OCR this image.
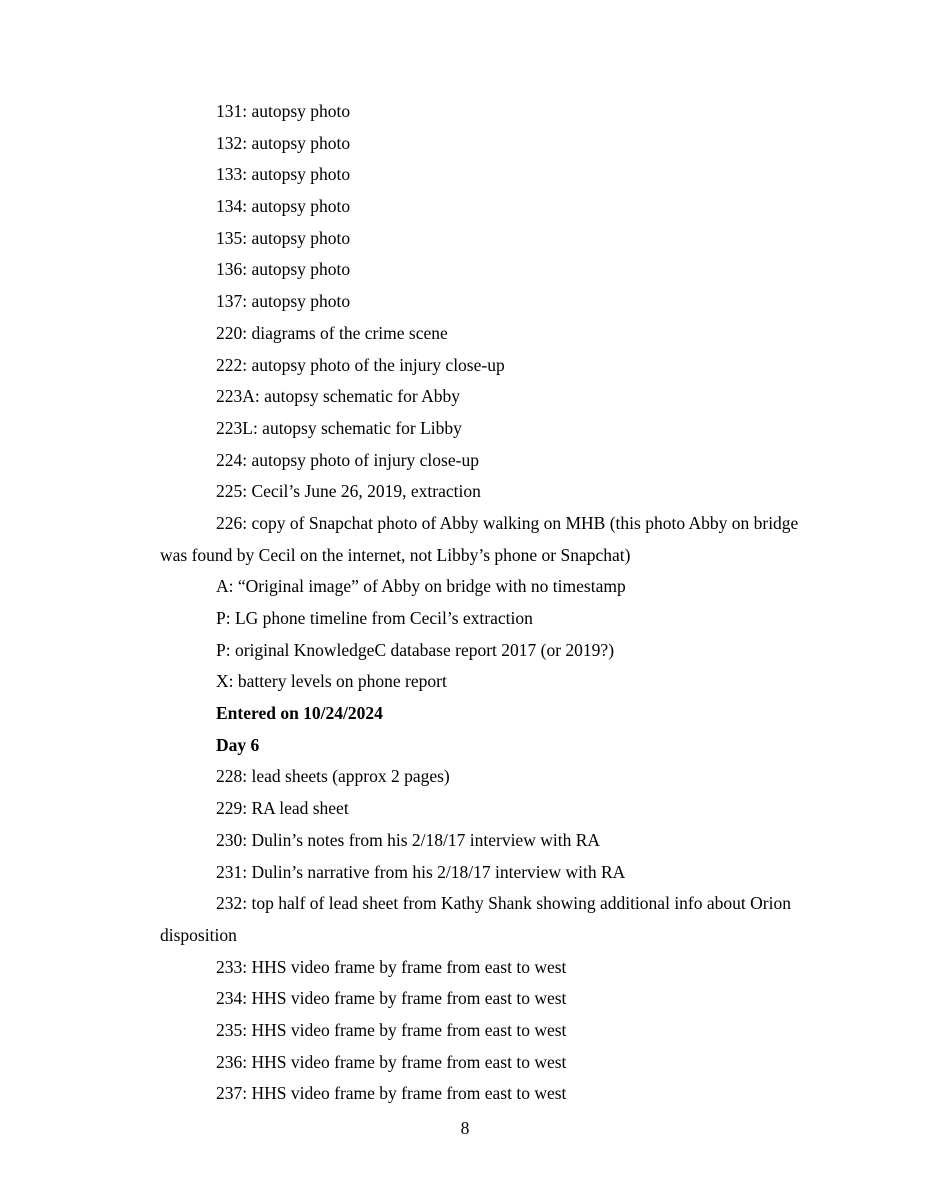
131: autopsy photo
132: autopsy photo
133: autopsy photo
134: autopsy photo
135: autopsy photo
136: autopsy photo
137: autopsy photo
220: diagrams of the crime scene
222: autopsy photo of the injury close-up
223A: autopsy schematic for Abby
223L: autopsy schematic for Libby
224: autopsy photo of injury close-up
225: Cecil’s June 26, 2019, extraction
226: copy of Snapchat photo of Abby walking on MHB (this photo Abby on bridge
was found by Cecil on the internet, not Libby’s phone or Snapchat)
A: “Original image” of Abby on bridge with no timestamp
P: LG phone timeline from Cecil’s extraction
P: original KnowledgeC database report 2017 (or 2019?)
X: battery levels on phone report
Entered on 10/24/2024
Day 6
228: lead sheets (approx 2 pages)
229: RA lead sheet
230: Dulin’s notes from his 2/18/17 interview with RA
231: Dulin’s narrative from his 2/18/17 interview with RA
232: top half of lead sheet from Kathy Shank showing additional info about Orion
disposition
233: HHS video frame by frame from east to west
234: HHS video frame by frame from east to west
235: HHS video frame by frame from east to west
236: HHS video frame by frame from east to west
237: HHS video frame by frame from east to west
8
